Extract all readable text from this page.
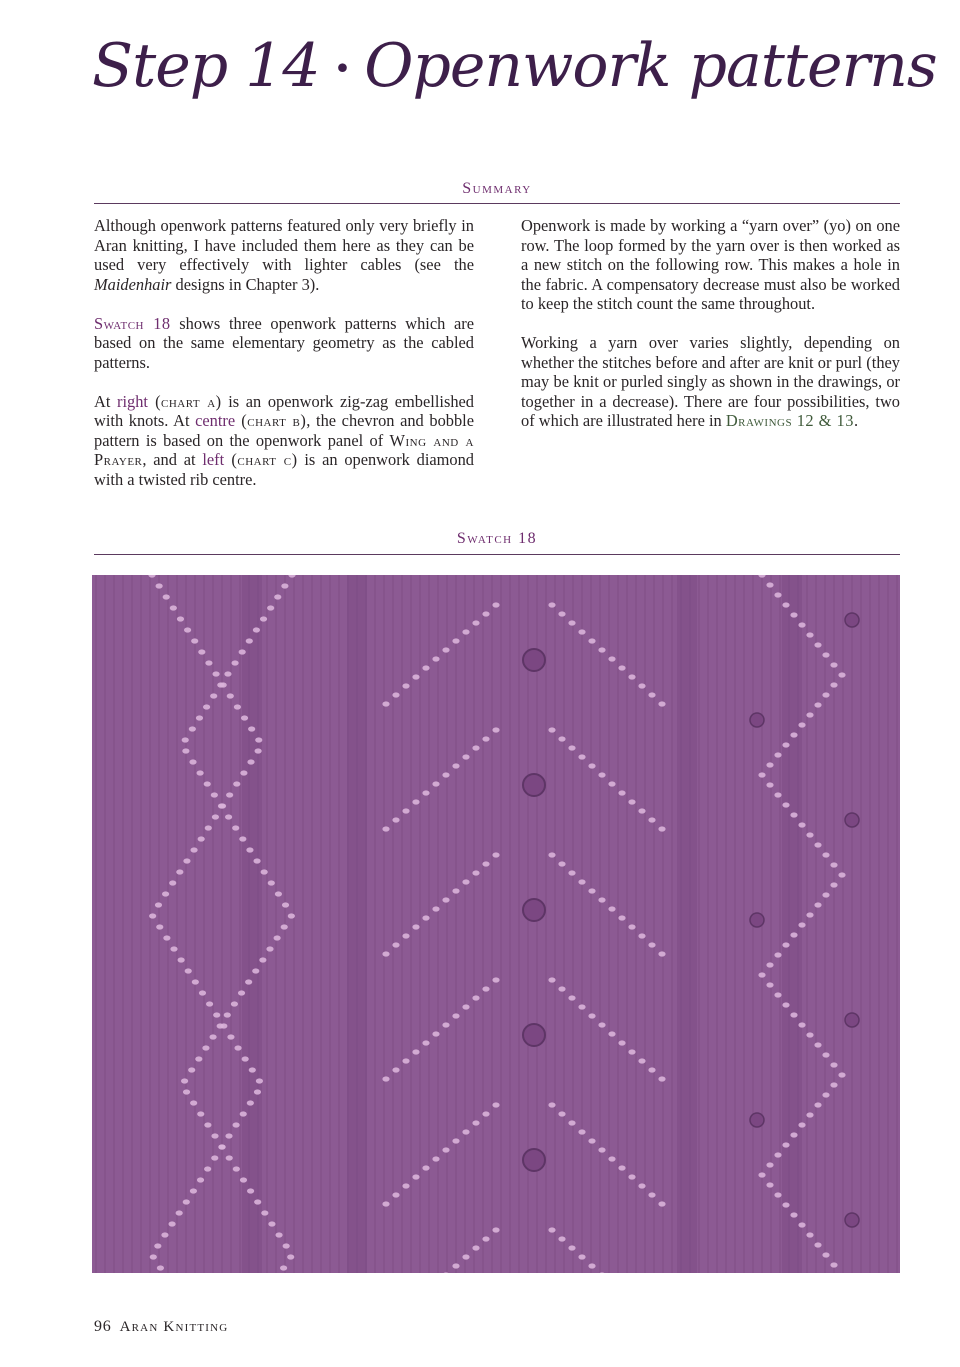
Step 14 • Openwork patterns
Summary

Although openwork patterns featured only very briefly in Aran knitting, I have included them here as they can be used very effectively with lighter cables (see the Maidenhair designs in Chapter 3).

Swatch 18 shows three openwork patterns which are based on the same elementary geometry as the cabled patterns.

At right (chart a) is an openwork zig-zag embellished with knots. At centre (chart b), the chevron and bobble pattern is based on the openwork panel of Wing and a Prayer, and at left (chart c) is an openwork diamond with a twisted rib centre.

Openwork is made by working a “yarn over” (yo) on one row. The loop formed by the yarn over is then worked as a new stitch on the following row. This makes a hole in the fabric. A compensatory decrease must also be worked to keep the stitch count the same throughout.

Working a yarn over varies slightly, depending on whether the stitches before and after are knit or purl (they may be knit or purled singly as shown in the drawings, or together in a decrease). There are four possibilities, two of which are illustrated here in Drawings 12 & 13.

Swatch 18
96 Aran Knitting
